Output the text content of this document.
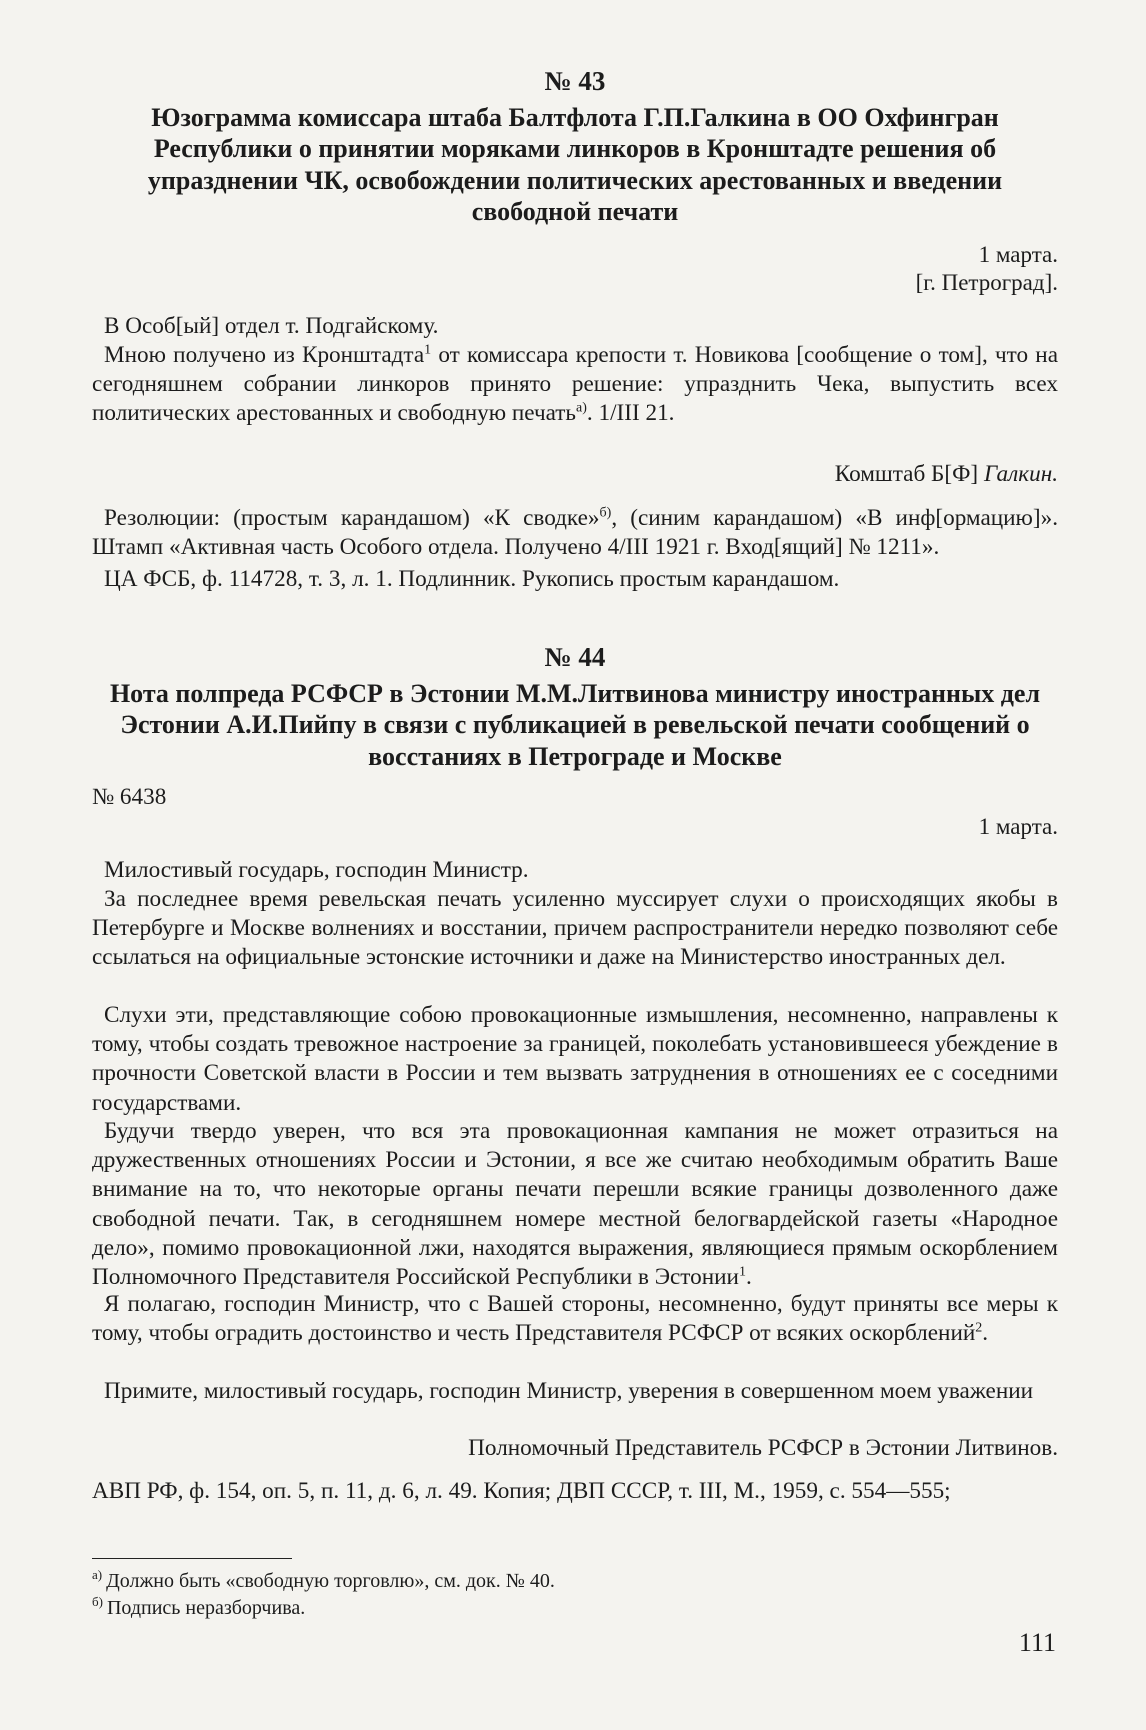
№ 43
Юзограмма комиссара штаба Балтфлота Г.П.Галкина в ОО Охфингран Республики о принятии моряками линкоров в Кронштадте решения об упразднении ЧК, освобождении политических арестованных и введении свободной печати
1 марта.
[г. Петроград].
В Особ[ый] отдел т. Подгайскому.
Мною получено из Кронштадта$^1$ от комиссара крепости т. Новикова [сообщение о том], что на сегодняшнем собрании линкоров принято решение: упразднить Чека, выпустить всех политических арестованных и свободную печать$^{а)}$. 1/III 21.
Комштаб Б[Ф] Галкин.
Резолюции: (простым карандашом) «К сводке»$^{б)}$, (синим карандашом) «В инф[ормацию]». Штамп «Активная часть Особого отдела. Получено 4/III 1921 г. Вход[ящий] № 1211».
ЦА ФСБ, ф. 114728, т. 3, л. 1. Подлинник. Рукопись простым карандашом.
№ 44
Нота полпреда РСФСР в Эстонии М.М.Литвинова министру иностранных дел Эстонии А.И.Пийпу в связи с публикацией в ревельской печати сообщений о восстаниях в Петрограде и Москве
№ 6438
1 марта.
Милостивый государь, господин Министр.
За последнее время ревельская печать усиленно муссирует слухи о происходящих якобы в Петербурге и Москве волнениях и восстании, причем распространители нередко позволяют себе ссылаться на официальные эстонские источники и даже на Министерство иностранных дел.
Слухи эти, представляющие собою провокационные измышления, несомненно, направлены к тому, чтобы создать тревожное настроение за границей, поколебать установившееся убеждение в прочности Советской власти в России и тем вызвать затруднения в отношениях ее с соседними государствами.
Будучи твердо уверен, что вся эта провокационная кампания не может отразиться на дружественных отношениях России и Эстонии, я все же считаю необходимым обратить Ваше внимание на то, что некоторые органы печати перешли всякие границы дозволенного даже свободной печати. Так, в сегодняшнем номере местной белогвардейской газеты «Народное дело», помимо провокационной лжи, находятся выражения, являющиеся прямым оскорблением Полномочного Представителя Российской Республики в Эстонии$^1$.
Я полагаю, господин Министр, что с Вашей стороны, несомненно, будут приняты все меры к тому, чтобы оградить достоинство и честь Представителя РСФСР от всяких оскорблений$^2$.
Примите, милостивый государь, господин Министр, уверения в совершенном моем уважении
Полномочный Представитель РСФСР в Эстонии Литвинов.
АВП РФ, ф. 154, оп. 5, п. 11, д. 6, л. 49. Копия; ДВП СССР, т. III, М., 1959, с. 554—555;
$^{а)}$ Должно быть «свободную торговлю», см. док. № 40.
$^{б)}$ Подпись неразборчива.
111
